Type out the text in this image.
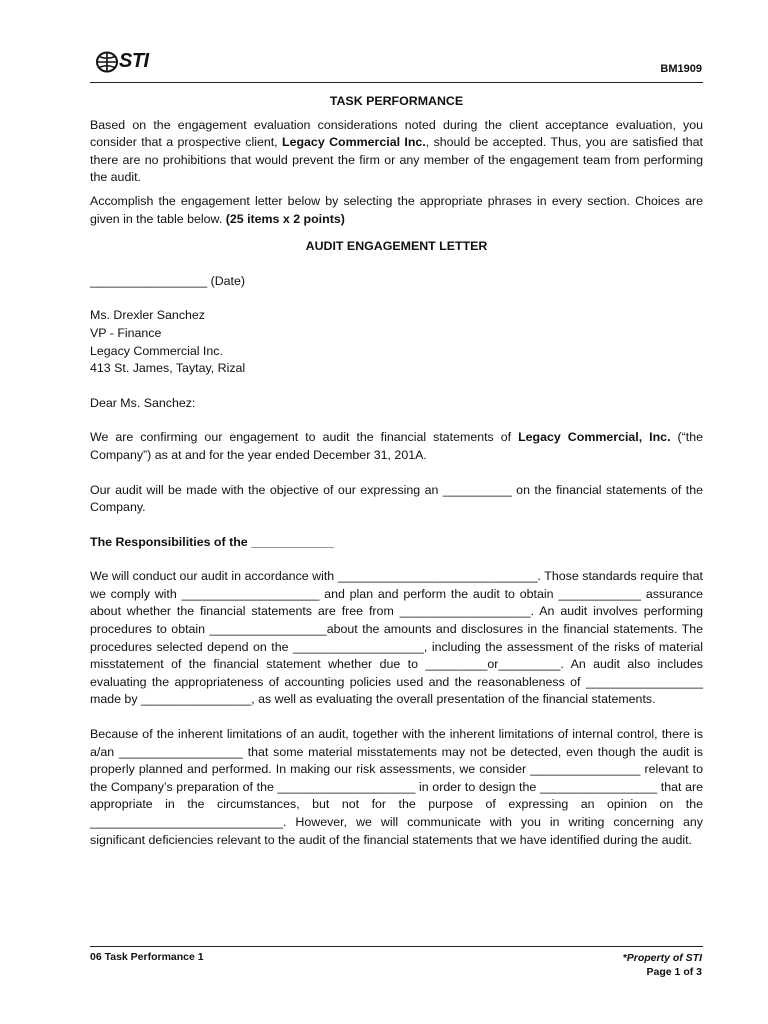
STI	BM1909

TASK PERFORMANCE

Based on the engagement evaluation considerations noted during the client acceptance evaluation, you consider that a prospective client, Legacy Commercial Inc., should be accepted. Thus, you are satisfied that there are no prohibitions that would prevent the firm or any member of the engagement team from performing the audit.

Accomplish the engagement letter below by selecting the appropriate phrases in every section. Choices are given in the table below. (25 items x 2 points)

AUDIT ENGAGEMENT LETTER

_________________ (Date)

Ms. Drexler Sanchez

VP - Finance

Legacy Commercial Inc.

413 St. James, Taytay, Rizal

Dear Ms. Sanchez:

We are confirming our engagement to audit the financial statements of Legacy Commercial, Inc. (“the Company”) as at and for the year ended December 31, 201A.

Our audit will be made with the objective of our expressing an __________ on the financial statements of the Company.

The Responsibilities of the ____________

We will conduct our audit in accordance with _____________________________. Those standards require that we comply with ____________________ and plan and perform the audit to obtain ____________ assurance about whether the financial statements are free from ___________________. An audit involves performing procedures to obtain _________________about the amounts and disclosures in the financial statements. The procedures selected depend on the ___________________, including the assessment of the risks of material misstatement of the financial statement whether due to _________or_________. An audit also includes evaluating the appropriateness of accounting policies used and the reasonableness of _________________ made by ________________, as well as evaluating the overall presentation of the financial statements.

Because of the inherent limitations of an audit, together with the inherent limitations of internal control, there is a/an __________________ that some material misstatements may not be detected, even though the audit is properly planned and performed. In making our risk assessments, we consider ________________ relevant to the Company’s preparation of the ____________________ in order to design the _________________ that are appropriate in the circumstances, but not for the purpose of expressing an opinion on the ____________________________. However, we will communicate with you in writing concerning any significant deficiencies relevant to the audit of the financial statements that we have identified during the audit.

06 Task Performance 1	*Property of STI
Page 1 of 3
